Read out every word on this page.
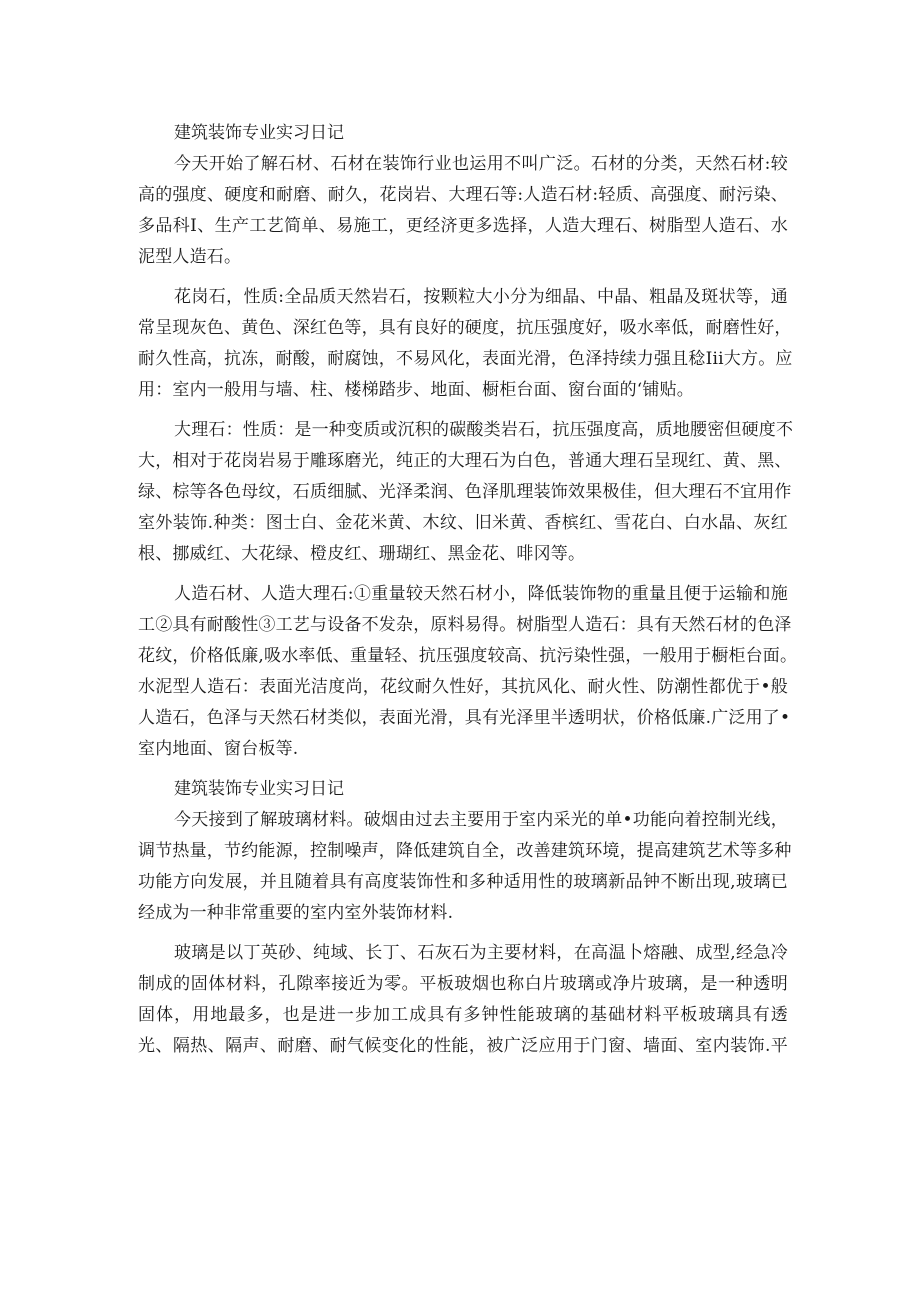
建筑装饰专业实习日记
今天开始了解石材、石材在装饰行业也运用不叫广泛。石材的分类，天然石材:较
高的强度、硬度和耐磨、耐久，花岗岩、大理石等:人造石材:轻质、高强度、耐污染、
多品科I、生产工艺简单、易施工，更经济更多选择，人造大理石、树脂型人造石、水
泥型人造石。
花岗石，性质:全品质天然岩石，按颗粒大小分为细晶、中晶、粗晶及斑状等，通
常呈现灰色、黄色、深红色等，具有良好的硬度，抗压强度好，吸水率低，耐磨性好，
耐久性高，抗冻，耐酸，耐腐蚀，不易风化，表面光滑，色泽持续力强且稔Iii大方。应
用：室内一般用与墙、柱、楼梯踏步、地面、橱柜台面、窗台面的‘铺贴。
大理石：性质：是一种变质或沉积的碳酸类岩石，抗压强度高，质地腰密但硬度不
大，相对于花岗岩易于雕琢磨光，纯正的大理石为白色，普通大理石呈现红、黄、黑、
绿、棕等各色母纹，石质细腻、光泽柔润、色泽肌理装饰效果极佳，但大理石不宜用作
室外装饰.种类：图士白、金花米黄、木纹、旧米黄、香槟红、雪花白、白水晶、灰红
根、挪威红、大花绿、橙皮红、珊瑚红、黑金花、啡冈等。
人造石材、人造大理石:①重量较天然石材小，降低装饰物的重量且便于运输和施
工②具有耐酸性③工艺与设备不发杂，原料易得。树脂型人造石：具有天然石材的色泽
花纹，价格低廉,吸水率低、重量轻、抗压强度较高、抗污染性强，一般用于橱柜台面。
水泥型人造石：表面光洁度尚，花纹耐久性好，其抗风化、耐火性、防潮性都优于•般
人造石，色泽与天然石材类似，表面光滑，具有光泽里半透明状，价格低廉.广泛用了•
室内地面、窗台板等.
建筑装饰专业实习日记
今天接到了解玻璃材料。破烟由过去主要用于室内采光的单•功能向着控制光线，
调节热量，节约能源，控制噪声，降低建筑自全，改善建筑环境，提高建筑艺术等多种
功能方向发展，并且随着具有高度装饰性和多种适用性的玻璃新品钟不断出现,玻璃已
经成为一种非常重要的室内室外装饰材料.
玻璃是以丁英砂、纯域、长丁、石灰石为主要材料，在高温卜熔融、成型,经急冷
制成的固体材料，孔隙率接近为零。平板玻烟也称白片玻璃或净片玻璃，是一种透明
固体，用地最多，也是进一步加工成具有多钟性能玻璃的基础材料平板玻璃具有透
光、隔热、隔声、耐磨、耐气候变化的性能，被广泛应用于门窗、墙面、室内装饰.平
